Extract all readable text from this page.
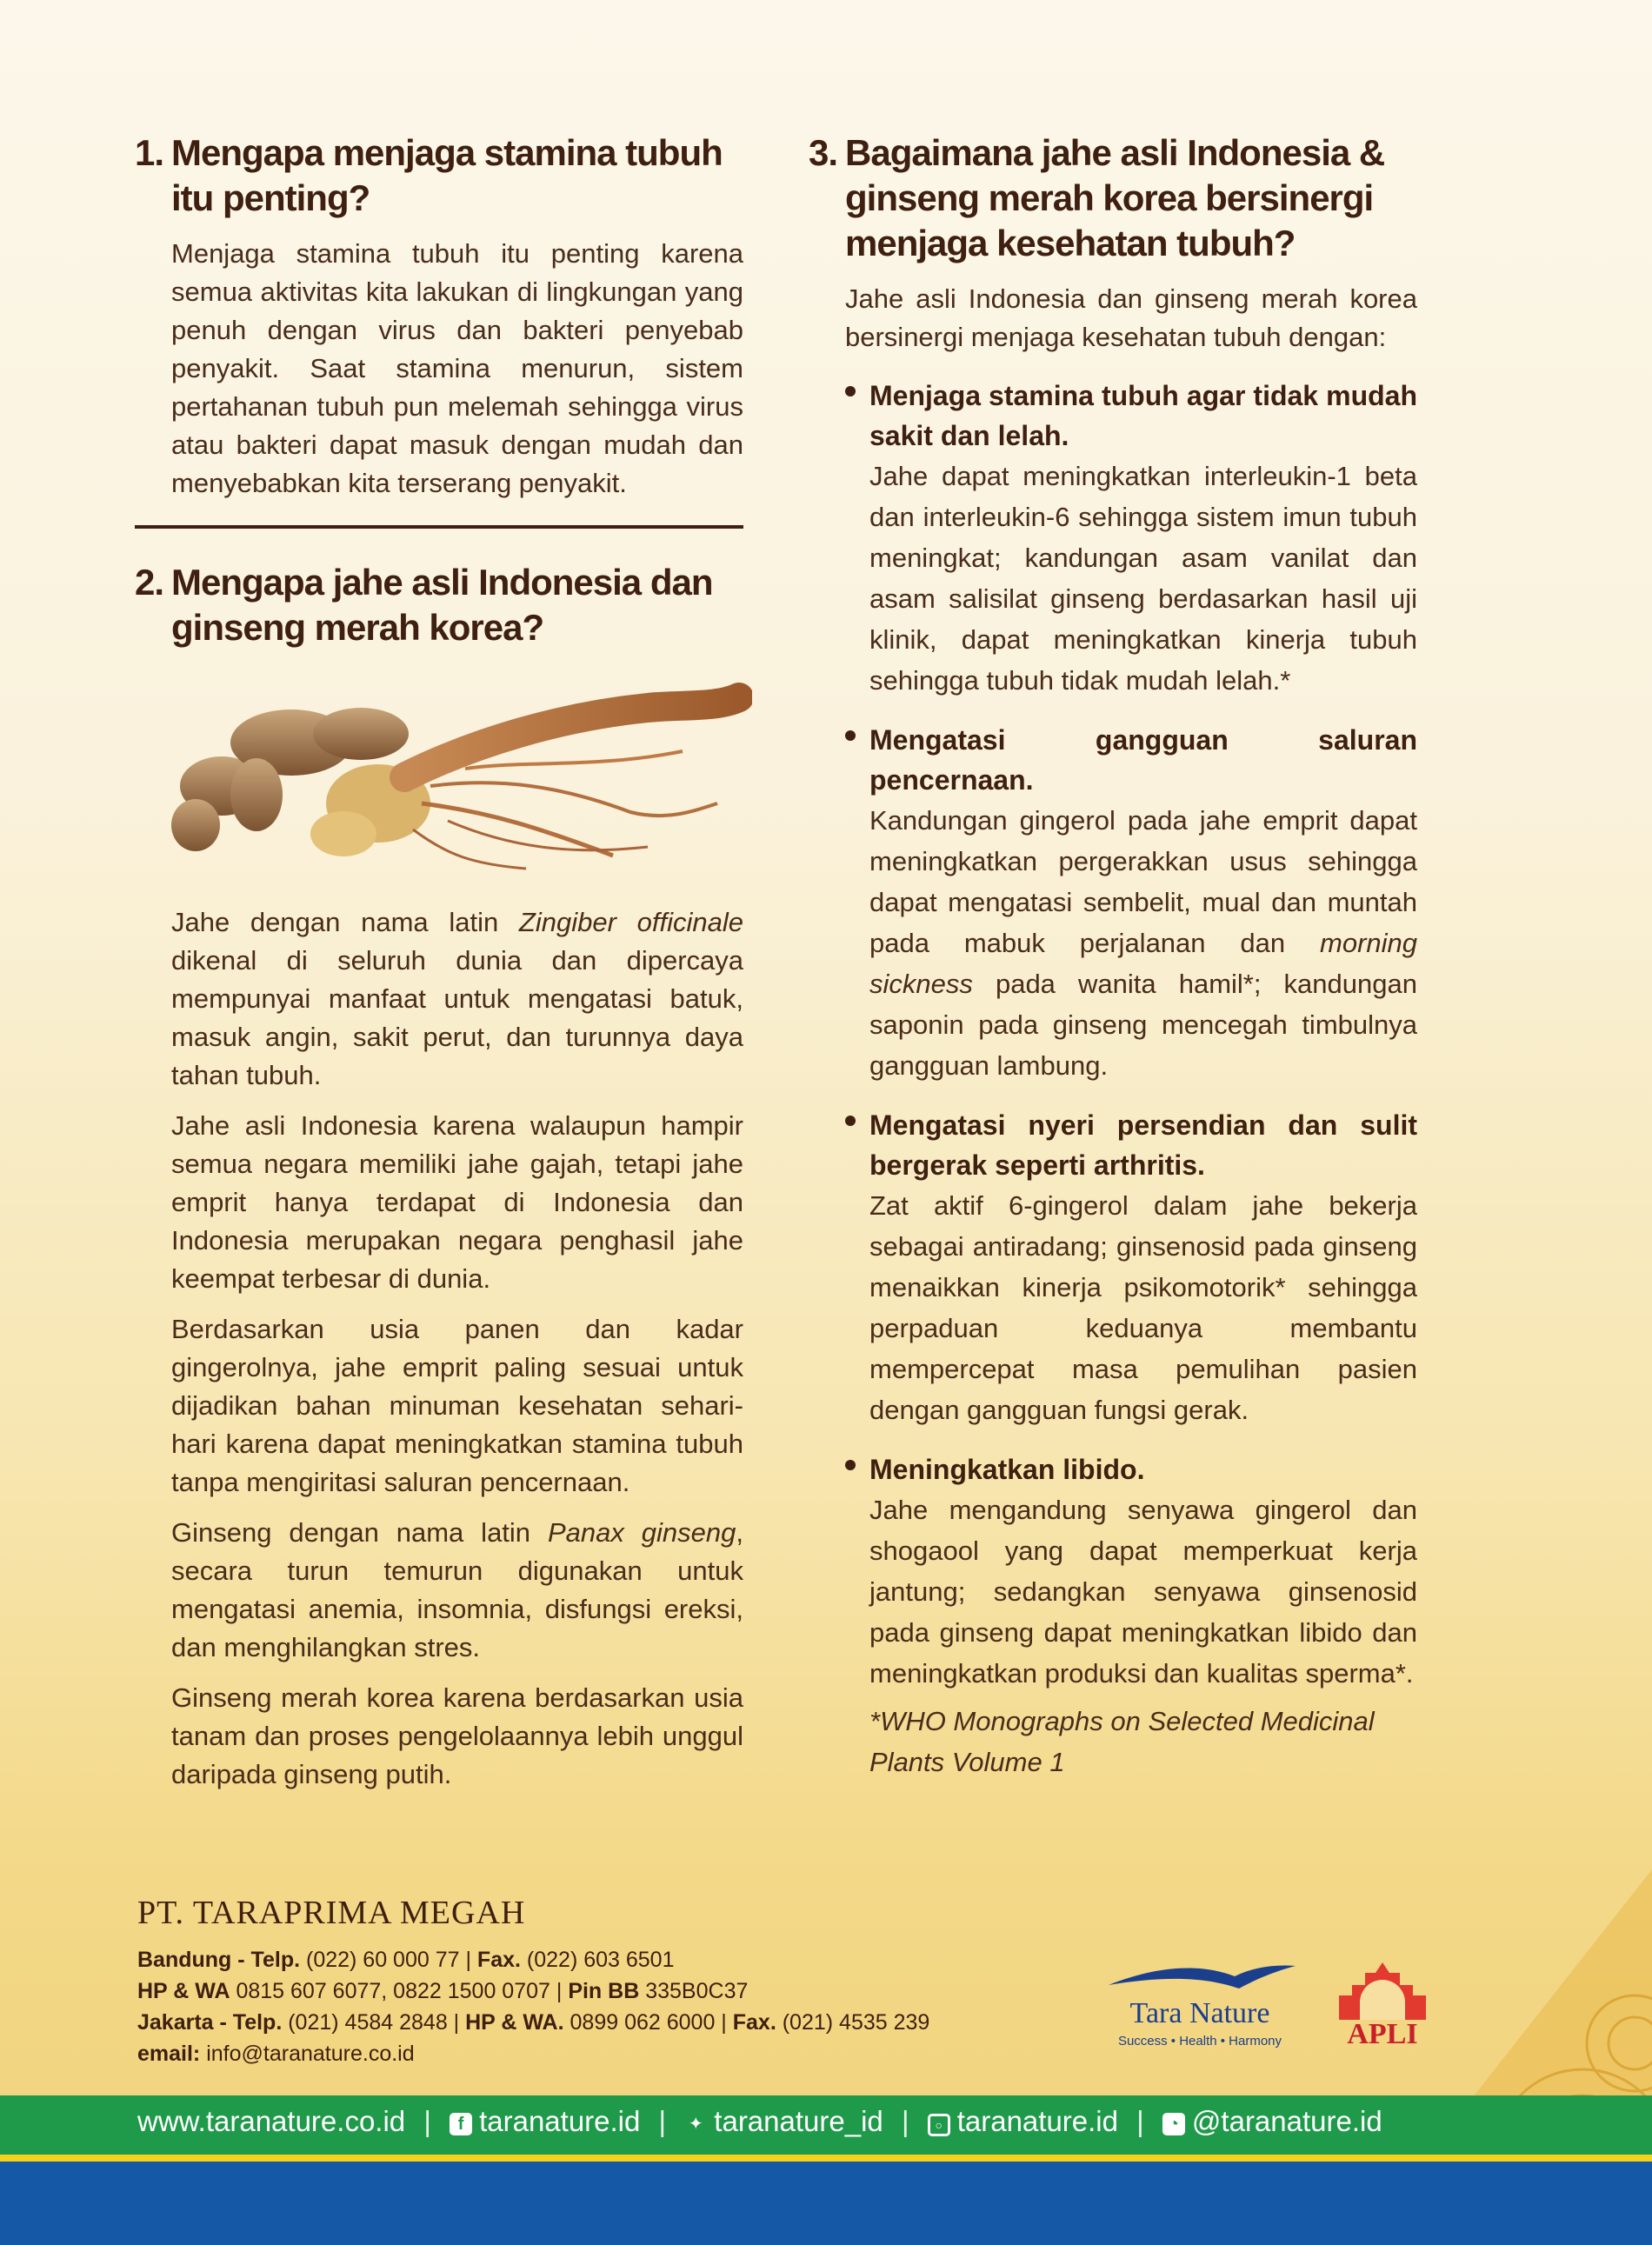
1. Mengapa menjaga stamina tubuh itu penting?

Menjaga stamina tubuh itu penting karena semua aktivitas kita lakukan di lingkungan yang penuh dengan virus dan bakteri penyebab penyakit. Saat stamina menurun, sistem pertahanan tubuh pun melemah sehingga virus atau bakteri dapat masuk dengan mudah dan menyebabkan kita terserang penyakit.

2. Mengapa jahe asli Indonesia dan ginseng merah korea?

Jahe dengan nama latin Zingiber officinale dikenal di seluruh dunia dan dipercaya mempunyai manfaat untuk mengatasi batuk, masuk angin, sakit perut, dan turunnya daya tahan tubuh.

Jahe asli Indonesia karena walaupun hampir semua negara memiliki jahe gajah, tetapi jahe emprit hanya terdapat di Indonesia dan Indonesia merupakan negara penghasil jahe keempat terbesar di dunia.

Berdasarkan usia panen dan kadar gingerolnya, jahe emprit paling sesuai untuk dijadikan bahan minuman kesehatan sehari-hari karena dapat meningkatkan stamina tubuh tanpa mengiritasi saluran pencernaan.

Ginseng dengan nama latin Panax ginseng, secara turun temurun digunakan untuk mengatasi anemia, insomnia, disfungsi ereksi, dan menghilangkan stres.

Ginseng merah korea karena berdasarkan usia tanam dan proses pengelolaannya lebih unggul daripada ginseng putih.

3. Bagaimana jahe asli Indonesia & ginseng merah korea bersinergi menjaga kesehatan tubuh?

Jahe asli Indonesia dan ginseng merah korea bersinergi menjaga kesehatan tubuh dengan:

Menjaga stamina tubuh agar tidak mudah sakit dan lelah.
Jahe dapat meningkatkan interleukin-1 beta dan interleukin-6 sehingga sistem imun tubuh meningkat; kandungan asam vanilat dan asam salisilat ginseng berdasarkan hasil uji klinik, dapat meningkatkan kinerja tubuh sehingga tubuh tidak mudah lelah.*
Mengatasi gangguan saluran pencernaan.
Kandungan gingerol pada jahe emprit dapat meningkatkan pergerakkan usus sehingga dapat mengatasi sembelit, mual dan muntah pada mabuk perjalanan dan morning sickness pada wanita hamil*; kandungan saponin pada ginseng mencegah timbulnya gangguan lambung.
Mengatasi nyeri persendian dan sulit bergerak seperti arthritis.
Zat aktif 6-gingerol dalam jahe bekerja sebagai antiradang; ginsenosid pada ginseng menaikkan kinerja psikomotorik* sehingga perpaduan keduanya membantu mempercepat masa pemulihan pasien dengan gangguan fungsi gerak.
Meningkatkan libido.
Jahe mengandung senyawa gingerol dan shogaool yang dapat memperkuat kerja jantung; sedangkan senyawa ginsenosid pada ginseng dapat meningkatkan libido dan meningkatkan produksi dan kualitas sperma*.

*WHO Monographs on Selected Medicinal Plants Volume 1

PT. TARAPRIMA MEGAH

Bandung - Telp. (022) 60 000 77 | Fax. (022) 603 6501

HP & WA 0815 607 6077, 0822 1500 0707 | Pin BB 335B0C37

Jakarta - Telp. (021) 4584 2848 | HP & WA. 0899 062 6000 | Fax. (021) 4535 239

email: info@taranature.co.id

Tara Nature
Success • Health • Harmony	APLI
www.taranature.co.id | f taranature.id | ✦ taranature_id | ○ taranature.id | ◔ @taranature.id
